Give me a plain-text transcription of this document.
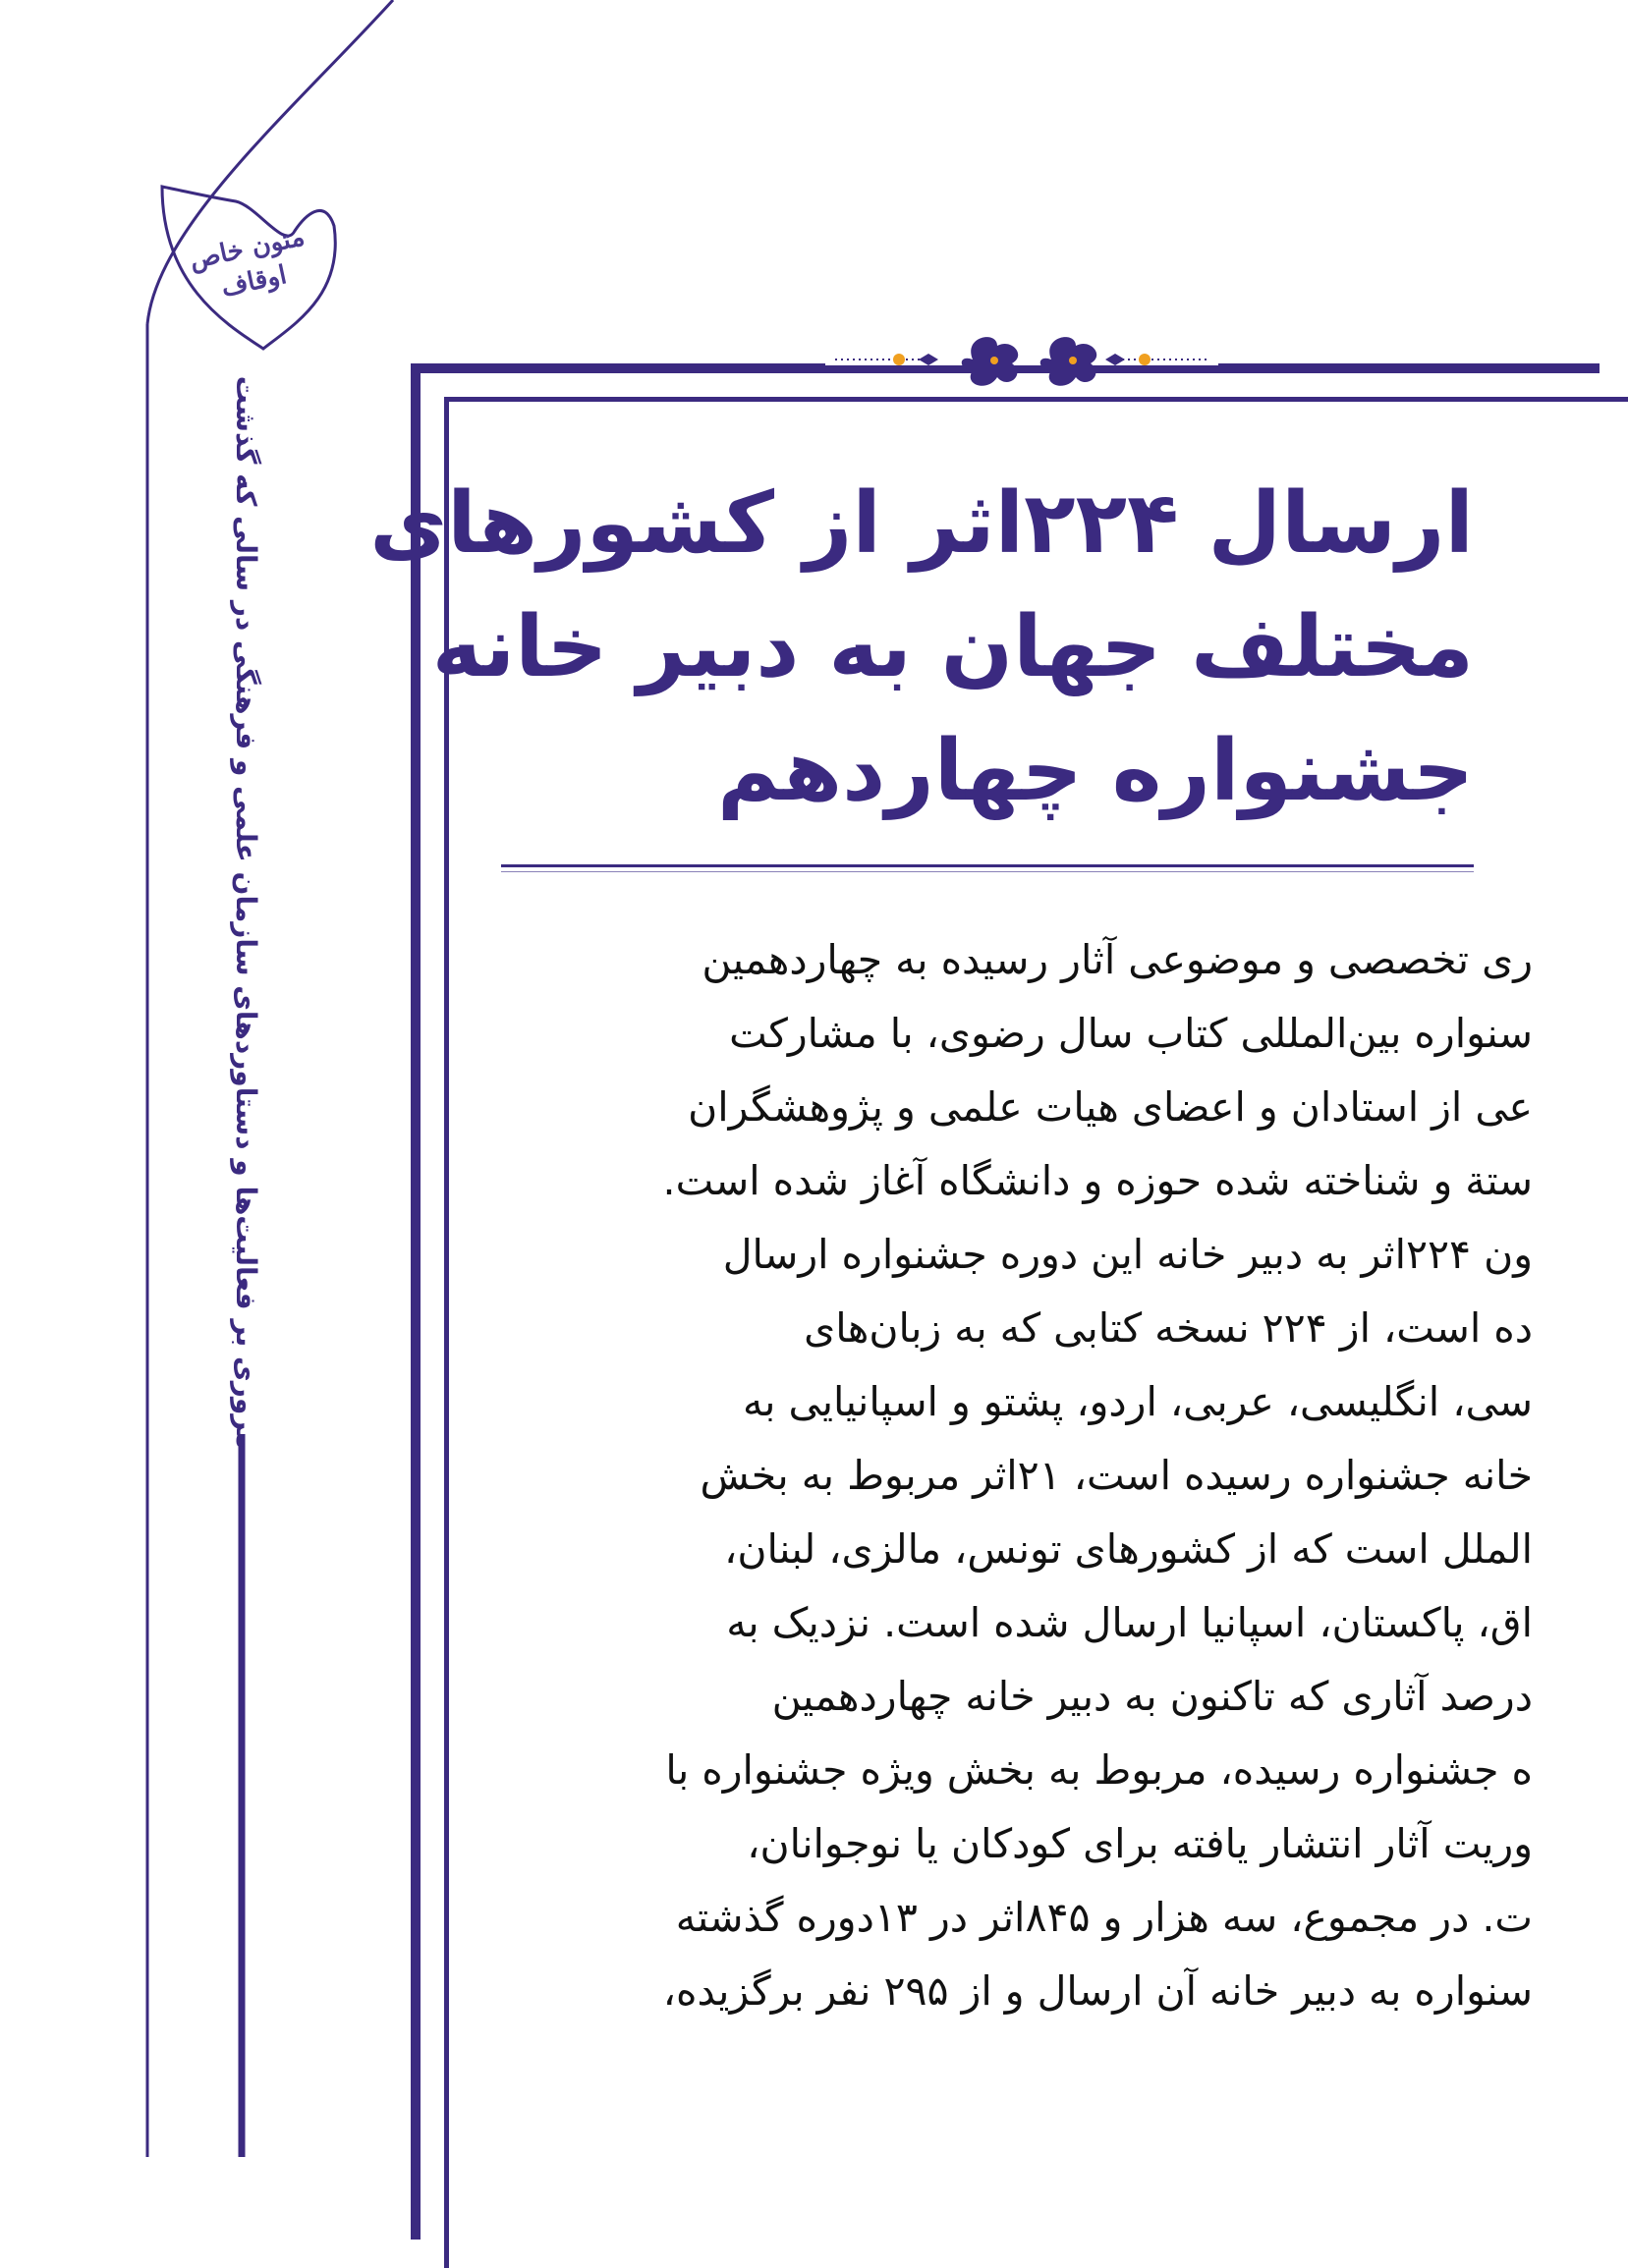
متون خاص اوقاف
مروری بر فعالیت‌ها و دستاوردهای سازمان علمی و فرهنگی در سالی که گذشت ارسال ۲۲۴اثر از کشورهای
مختلف جهان به دبیر خانه
جشنواره چهاردهم
ری تخصصی و موضوعی آثار رسیده به چهاردهمین
سنواره بین‌المللی کتاب سال رضوی، با مشارکت
عی از استادان و اعضای هیات علمی و پژوهشگران
ستة و شناخته شده حوزه و دانشگاه آغاز شده است.
ون ۲۲۴اثر به دبیر خانه این دوره جشنواره ارسال
ده است، از ۲۲۴ نسخه کتابی که به زبان‌های
سی، انگلیسی، عربی، اردو، پشتو و اسپانیایی به
خانه جشنواره رسیده است، ۲۱اثر مربوط به بخش
الملل است که از کشورهای تونس، مالزی، لبنان،
اق، پاکستان، اسپانیا ارسال شده است. نزدیک به
درصد آثاری که تاکنون به دبیر خانه چهاردهمین
ه جشنواره رسیده، مربوط به بخش ویژه جشنواره با
وریت آثار انتشار یافته برای کودکان یا نوجوانان،
ت. در مجموع، سه هزار و ۸۴۵اثر در ۱۳دوره گذشته
سنواره به دبیر خانه آن ارسال و از ۲۹۵ نفر برگزیده،
